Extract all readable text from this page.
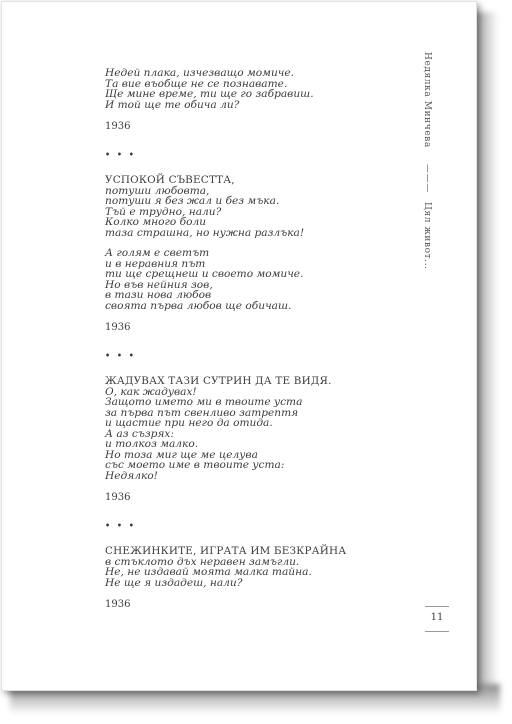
Недей плака, изчезващо момиче.
Та вие въобще не се познавате.
Ще мине време, ти ще го забравиш.
И той ще те обича ли?
1936
• • •
УСПОКОЙ СЪВЕСТТА,
потуши любовта,
потуши я без жал и без мъка.
Тъй е трудно, нали?
Колко много боли
таза страшна, но нужна разлъка!
А голям е светът
и в неравния път
ти ще срещнеш и своето момиче.
Но във нейния зов,
в тази нова любов
своята първа любов ще обичаш.
1936
• • •
ЖАДУВАХ ТАЗИ СУТРИН ДА ТЕ ВИДЯ.
О, как жадувах!
Защото името ми в твоите уста
за първа път свенливо затрептя
и щастие при него да отида.
А аз съзрях:
и толкоз малко.
Но тоза миг ще ме целува
със моето име в твоите уста:
Недялко!
1936
• • •
СНЕЖИНКИТЕ, ИГРАТА ИМ БЕЗКРАЙНА
в стъклото дъх неравен замъгли.
Не, не издавай моята малка тайна.
Не ще я издадеш, нали?
1936
Недялка Минчева
———
Цял живот...
11
